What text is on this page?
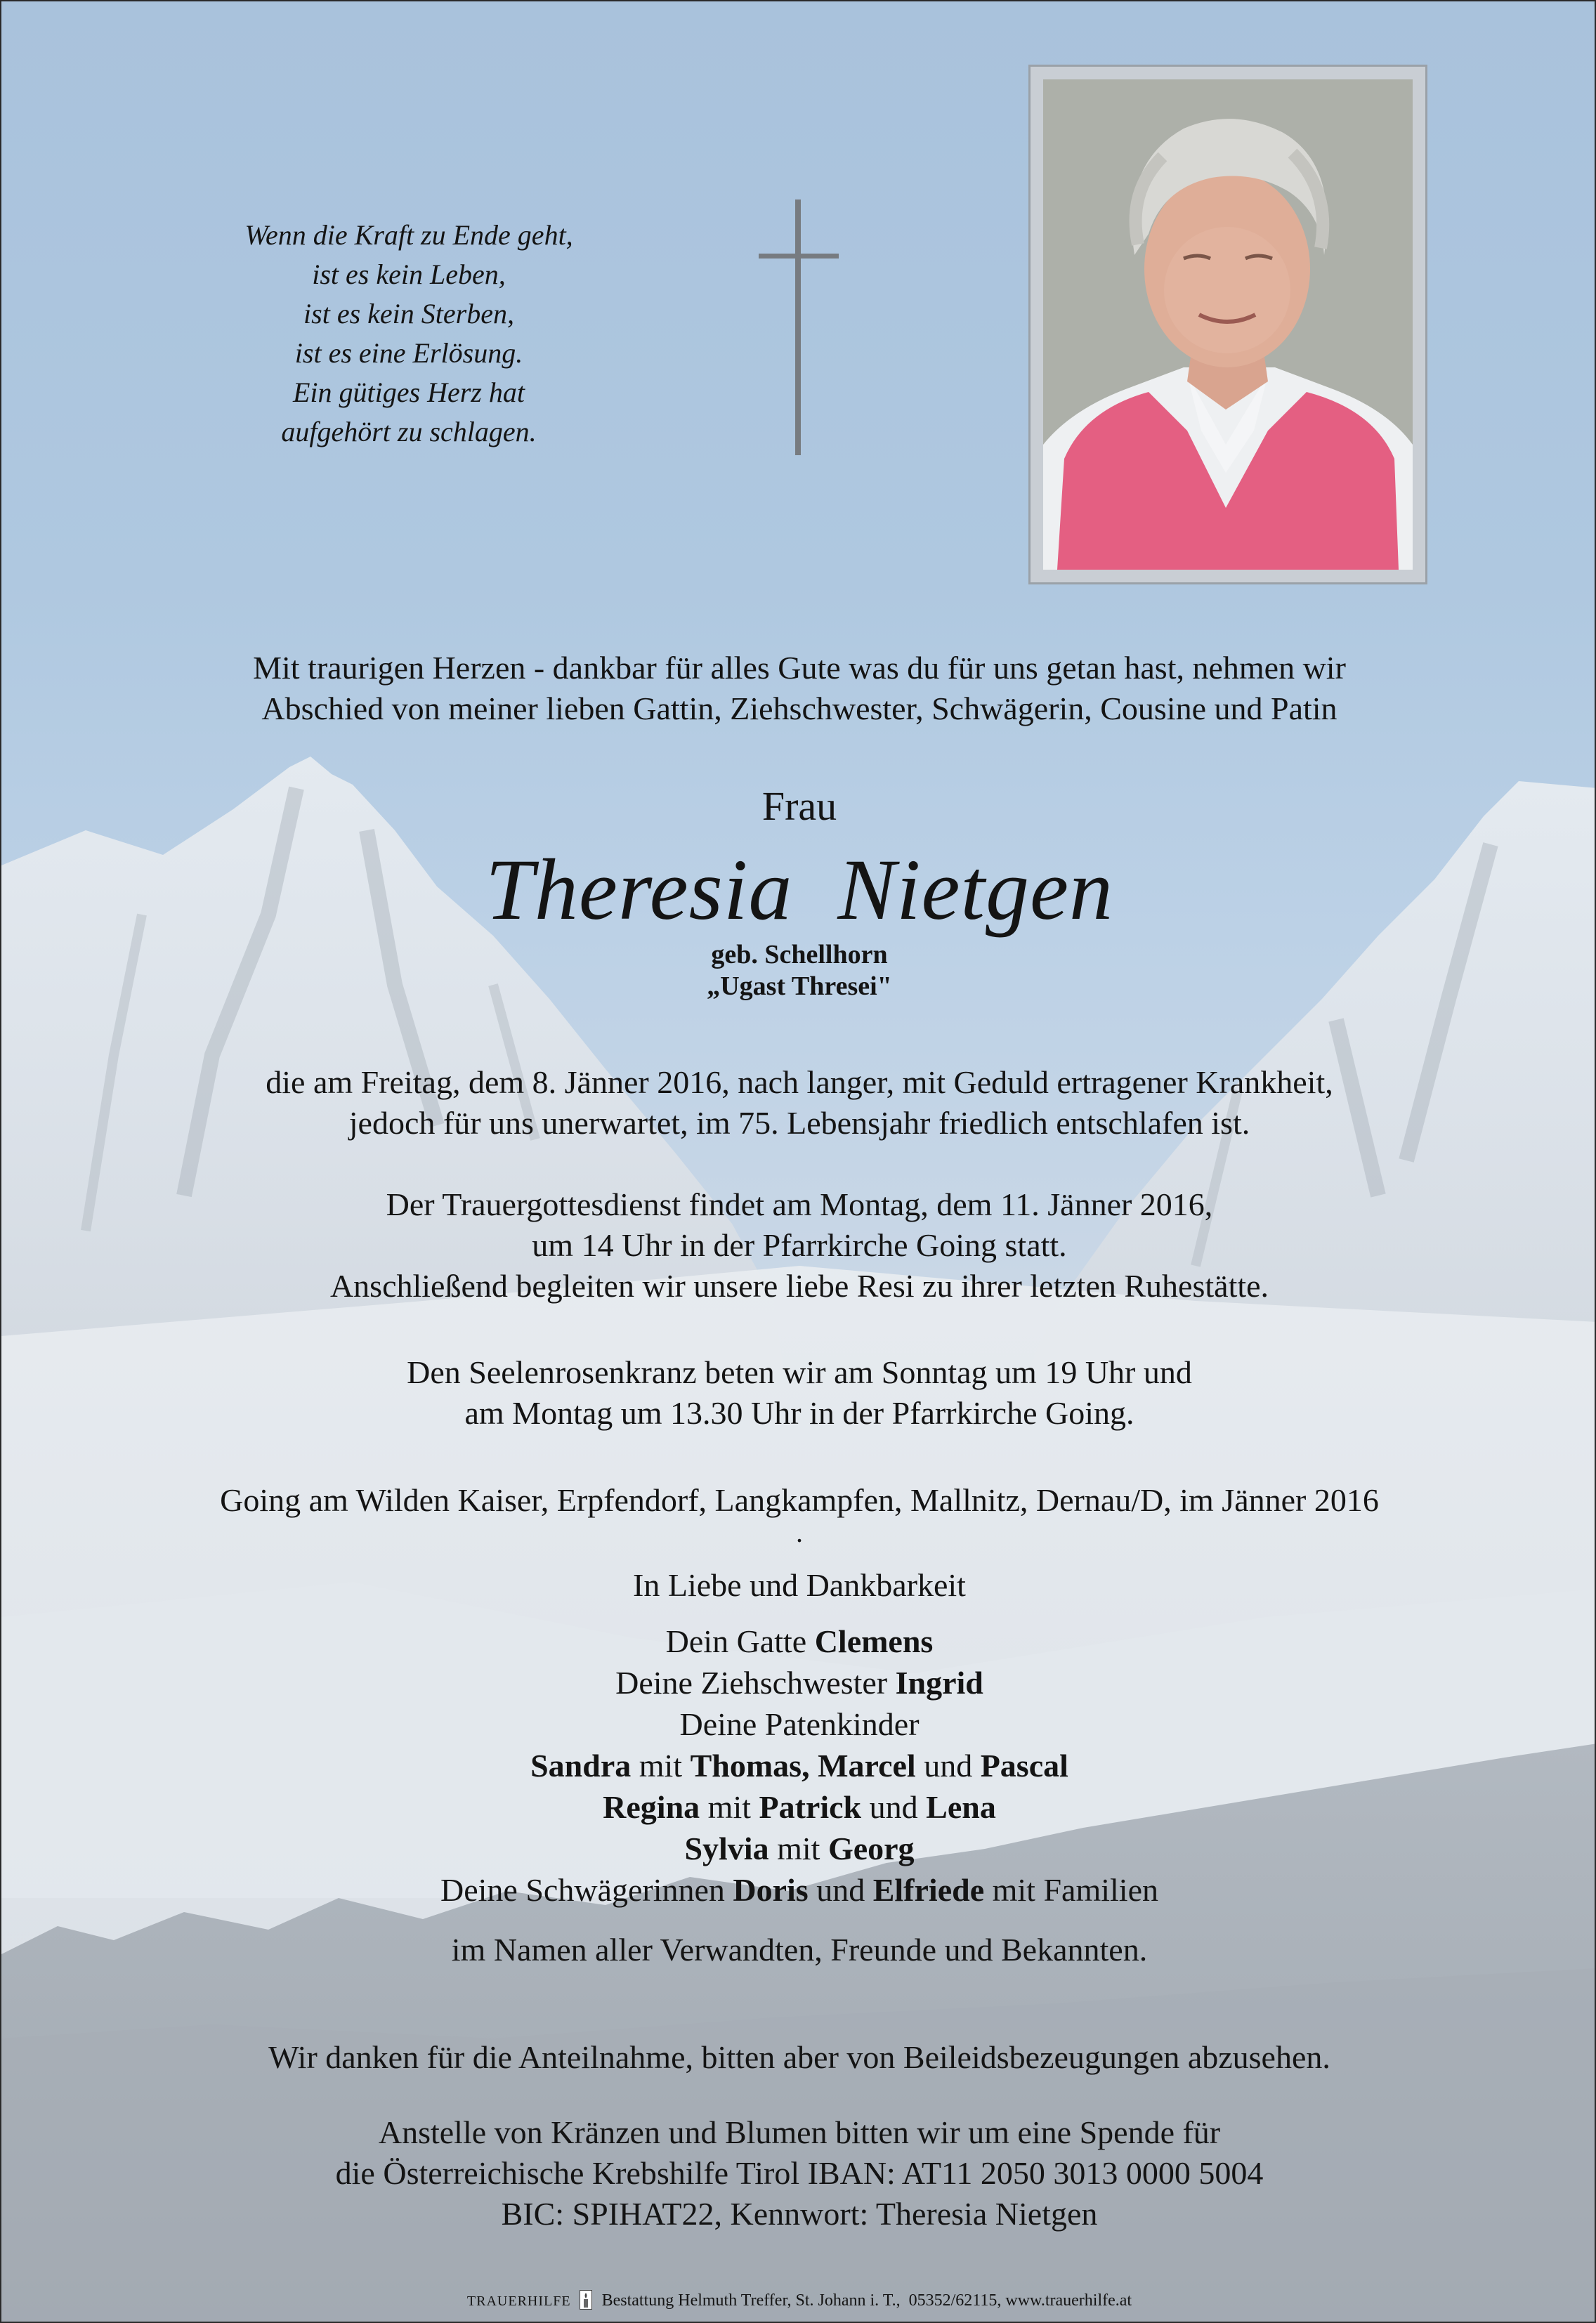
Wenn die Kraft zu Ende geht,
ist es kein Leben,
ist es kein Sterben,
ist es eine Erlösung.
Ein gütiges Herz hat
aufgehört zu schlagen.
Mit traurigen Herzen - dankbar für alles Gute was du für uns getan hast, nehmen wir
Abschied von meiner lieben Gattin, Ziehschwester, Schwägerin, Cousine und Patin
Frau
Theresia  Nietgen
geb. Schellhorn
„Ugast Thresei"
die am Freitag, dem 8. Jänner 2016, nach langer, mit Geduld ertragener Krankheit,
jedoch für uns unerwartet, im 75. Lebensjahr friedlich entschlafen ist.
Der Trauergottesdienst findet am Montag, dem 11. Jänner 2016,
um 14 Uhr in der Pfarrkirche Going statt.
Anschließend begleiten wir unsere liebe Resi zu ihrer letzten Ruhestätte.
Den Seelenrosenkranz beten wir am Sonntag um 19 Uhr und
am Montag um 13.30 Uhr in der Pfarrkirche Going.
Going am Wilden Kaiser, Erpfendorf, Langkampfen, Mallnitz, Dernau/D, im Jänner 2016
.
In Liebe und Dankbarkeit
Dein Gatte Clemens
Deine Ziehschwester Ingrid
Deine Patenkinder
Sandra mit Thomas, Marcel und Pascal
Regina mit Patrick und Lena
Sylvia mit Georg
Deine Schwägerinnen Doris und Elfriede mit Familien
im Namen aller Verwandten, Freunde und Bekannten.
Wir danken für die Anteilnahme, bitten aber von Beileidsbezeugungen abzusehen.
Anstelle von Kränzen und Blumen bitten wir um eine Spende für
die Österreichische Krebshilfe Tirol IBAN: AT11 2050 3013 0000 5004
BIC: SPIHAT22, Kennwort: Theresia Nietgen
TRAUERHILFE Bestattung Helmuth Treffer, St. Johann i. T.,  05352/62115, www.trauerhilfe.at
